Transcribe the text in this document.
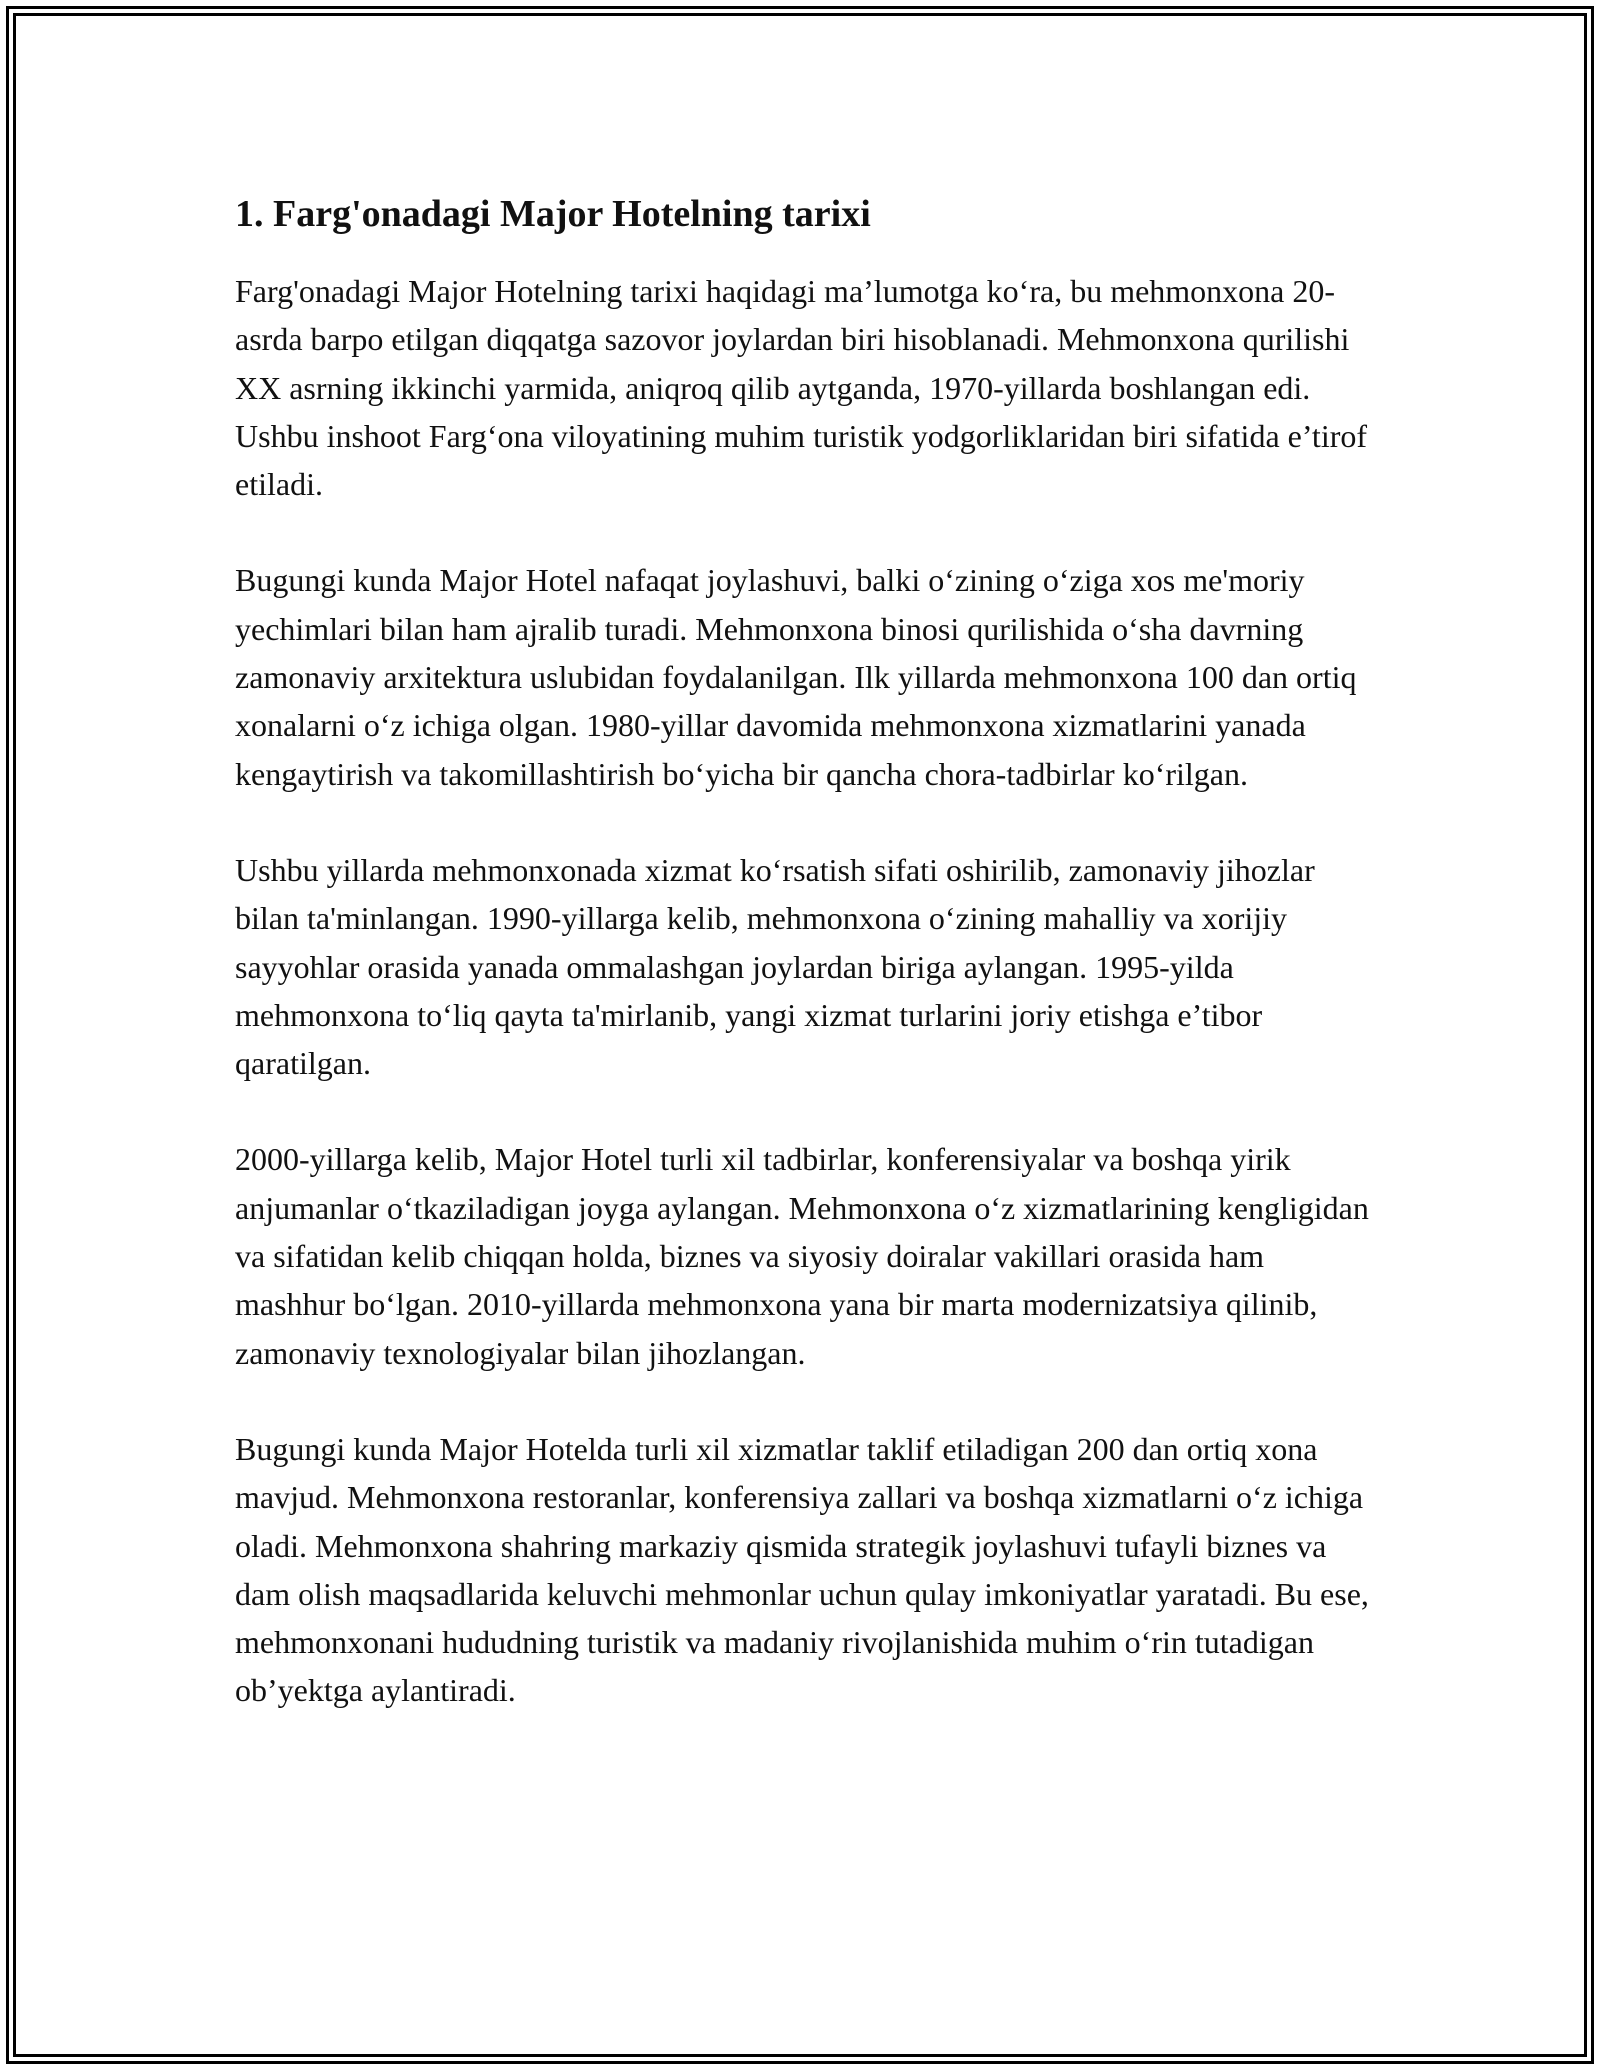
1. Farg'onadagi Major Hotelning tarixi

Farg'onadagi Major Hotelning tarixi haqidagi ma’lumotga ko‘ra, bu mehmonxona 20-asrda barpo etilgan diqqatga sazovor joylardan biri hisoblanadi. Mehmonxona qurilishi XX asrning ikkinchi yarmida, aniqroq qilib aytganda, 1970-yillarda boshlangan edi. Ushbu inshoot Farg‘ona viloyatining muhim turistik yodgorliklaridan biri sifatida e’tirof etiladi.

Bugungi kunda Major Hotel nafaqat joylashuvi, balki o‘zining o‘ziga xos me'moriy yechimlari bilan ham ajralib turadi. Mehmonxona binosi qurilishida o‘sha davrning zamonaviy arxitektura uslubidan foydalanilgan. Ilk yillarda mehmonxona 100 dan ortiq xonalarni o‘z ichiga olgan. 1980-yillar davomida mehmonxona xizmatlarini yanada kengaytirish va takomillashtirish bo‘yicha bir qancha chora-tadbirlar ko‘rilgan.

Ushbu yillarda mehmonxonada xizmat ko‘rsatish sifati oshirilib, zamonaviy jihozlar bilan ta'minlangan. 1990-yillarga kelib, mehmonxona o‘zining mahalliy va xorijiy sayyohlar orasida yanada ommalashgan joylardan biriga aylangan. 1995-yilda mehmonxona to‘liq qayta ta'mirlanib, yangi xizmat turlarini joriy etishga e’tibor qaratilgan.

2000-yillarga kelib, Major Hotel turli xil tadbirlar, konferensiyalar va boshqa yirik anjumanlar o‘tkaziladigan joyga aylangan. Mehmonxona o‘z xizmatlarining kengligidan va sifatidan kelib chiqqan holda, biznes va siyosiy doiralar vakillari orasida ham mashhur bo‘lgan. 2010-yillarda mehmonxona yana bir marta modernizatsiya qilinib, zamonaviy texnologiyalar bilan jihozlangan.

Bugungi kunda Major Hotelda turli xil xizmatlar taklif etiladigan 200 dan ortiq xona mavjud. Mehmonxona restoranlar, konferensiya zallari va boshqa xizmatlarni o‘z ichiga oladi. Mehmonxona shahring markaziy qismida strategik joylashuvi tufayli biznes va dam olish maqsadlarida keluvchi mehmonlar uchun qulay imkoniyatlar yaratadi. Bu ese, mehmonxonani hududning turistik va madaniy rivojlanishida muhim o‘rin tutadigan ob’yektga aylantiradi.
